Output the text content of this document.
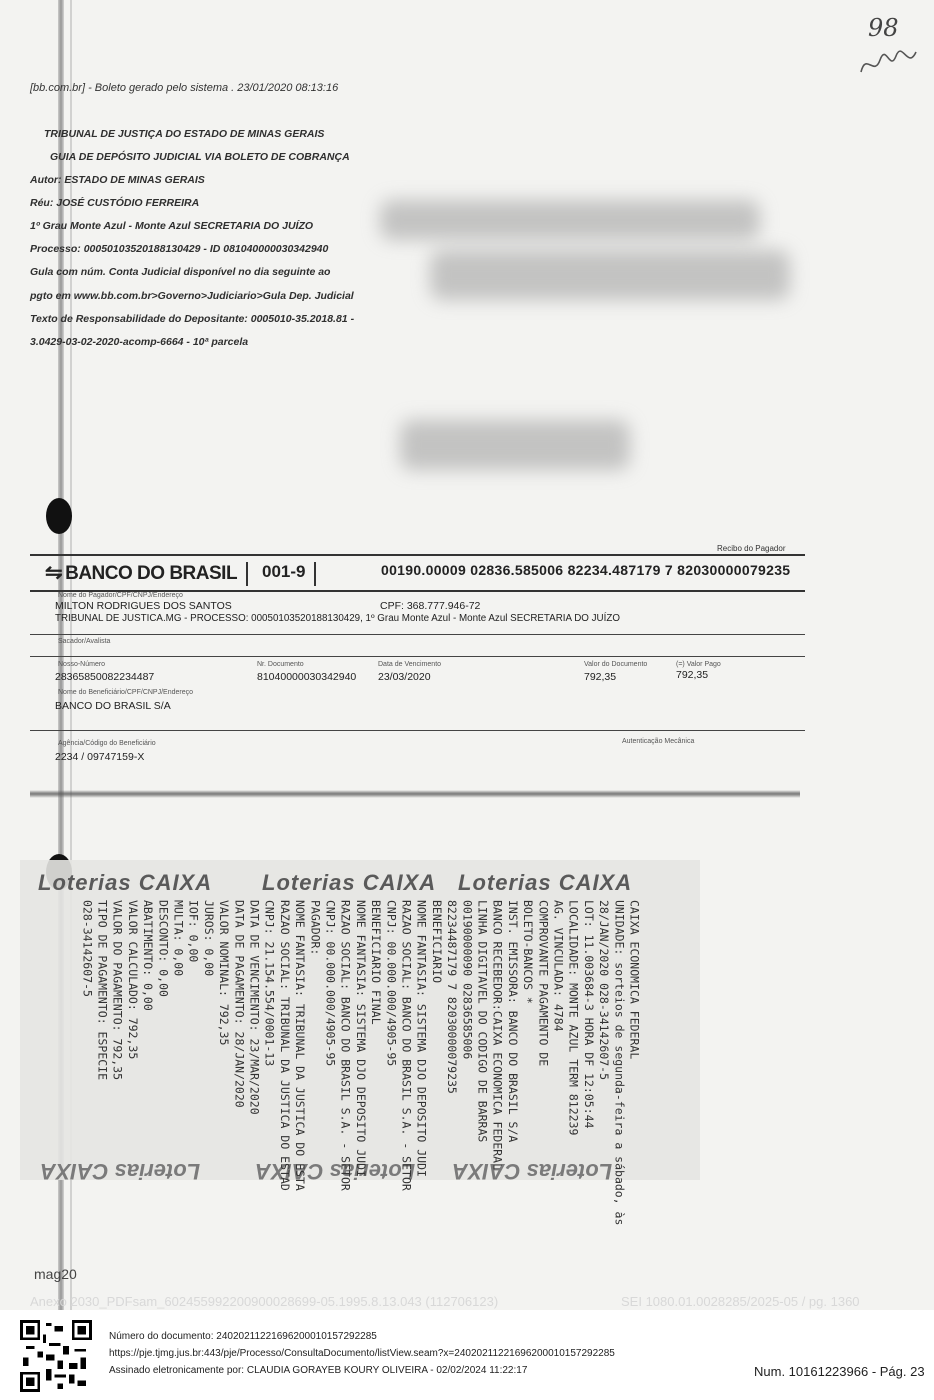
98
[bb.com.br] - Boleto gerado pelo sistema . 23/01/2020 08:13:16
TRIBUNAL DE JUSTIÇA DO ESTADO DE MINAS GERAIS
GUIA DE DEPÓSITO JUDICIAL VIA BOLETO DE COBRANÇA
Autor: ESTADO DE MINAS GERAIS
Réu: JOSÉ CUSTÓDIO FERREIRA
1º Grau Monte Azul - Monte Azul SECRETARIA DO JUÍZO
Processo: 00050103520188130429 - ID 081040000030342940
Gula com núm. Conta Judicial disponível no dia seguinte ao
pgto em www.bb.com.br>Governo>Judiciario>Gula Dep. Judicial
Texto de Responsabilidade do Depositante: 0005010-35.2018.81 -
3.0429-03-02-2020-acomp-6664 - 10ª parcela
Recibo do Pagador
⇋ BANCO DO BRASIL 001-9	00190.00009 02836.585006 82234.487179 7 82030000079235
Nome do Pagador/CPF/CNPJ/Endereço
MILTON RODRIGUES DOS SANTOS	CPF: 368.777.946-72
TRIBUNAL DE JUSTICA.MG - PROCESSO: 00050103520188130429, 1º Grau Monte Azul - Monte Azul SECRETARIA DO JUÍZO
Sacador/Avalista
Nosso-Número
28365850082234487
Nr. Documento
81040000030342940
Data de Vencimento
23/03/2020
Valor do Documento
792,35
(=) Valor Pago
792,35
Nome do Beneficiário/CPF/CNPJ/Endereço
BANCO DO BRASIL S/A
Agência/Código do Beneficiário
2234 / 09747159-X
Autenticação Mecânica
Loterias CAIXA Loterias CAIXA Loterias CAIXA
Loterias CAIXA Loterias CAIXA Loterias CAIXA
CAIXA ECONOMICA FEDERAL
UNIDADE: sorteios de segunda-feira a sábado, às
28/JAN/2020 028-34142607-5
LOT: 11.003684-3 HORA DF 12:05:44
LOCALIDADE: MONTE AZUL TERM 812239
AG. VINCULADA: 4784
COMPROVANTE PAGAMENTO DE
BOLETO-BANCOS *
INST. EMISSORA: BANCO DO BRASIL S/A
BANCO RECEBEDOR:CAIXA ECONOMICA FEDERAL
LINHA DIGITAVEL DO CODIGO DE BARRAS
00190000090 02836585006
82234487179 7 82030000079235
BENEFICIARIO
NOME FANTASIA: SISTEMA DJO DEPOSITO JUDI
RAZAO SOCIAL: BANCO DO BRASIL S.A. - SETOR
CNPJ: 00.000.000/4905-95
BENEFICIARIO FINAL
NOME FANTASIA: SISTEMA DJO DEPOSITO JUDI
RAZAO SOCIAL: BANCO DO BRASIL S.A. - SETOR
CNPJ: 00.000.000/4905-95
PAGADOR:
NOME FANTASIA: TRIBUNAL DA JUSTICA DO ESTA
RAZAO SOCIAL: TRIBUNAL DA JUSTICA DO ESTAD
CNPJ: 21.154.554/0001-13
DATA DE VENCIMENTO: 23/MAR/2020
DATA DE PAGAMENTO: 28/JAN/2020
VALOR NOMINAL: 792,35
JUROS: 0,00
IOF: 0,00
MULTA: 0,00
DESCONTO: 0,00
ABATIMENTO: 0,00
VALOR CALCULADO: 792,35
VALOR DO PAGAMENTO: 792,35
TIPO DE PAGAMENTO: ESPECIE
028-34142607-5
mag20
Anexo 2030_PDFsam_602455992200900028699-05.1995.8.13.043 (112706123)	SEI 1080.01.0028285/2025-05 / pg. 1360
Número do documento: 24020211221696200010157292285
https://pje.tjmg.jus.br:443/pje/Processo/ConsultaDocumento/listView.seam?x=24020211221696200010157292285
Assinado eletronicamente por: CLAUDIA GORAYEB KOURY OLIVEIRA - 02/02/2024 11:22:17	Num. 10161223966 - Pág. 23
